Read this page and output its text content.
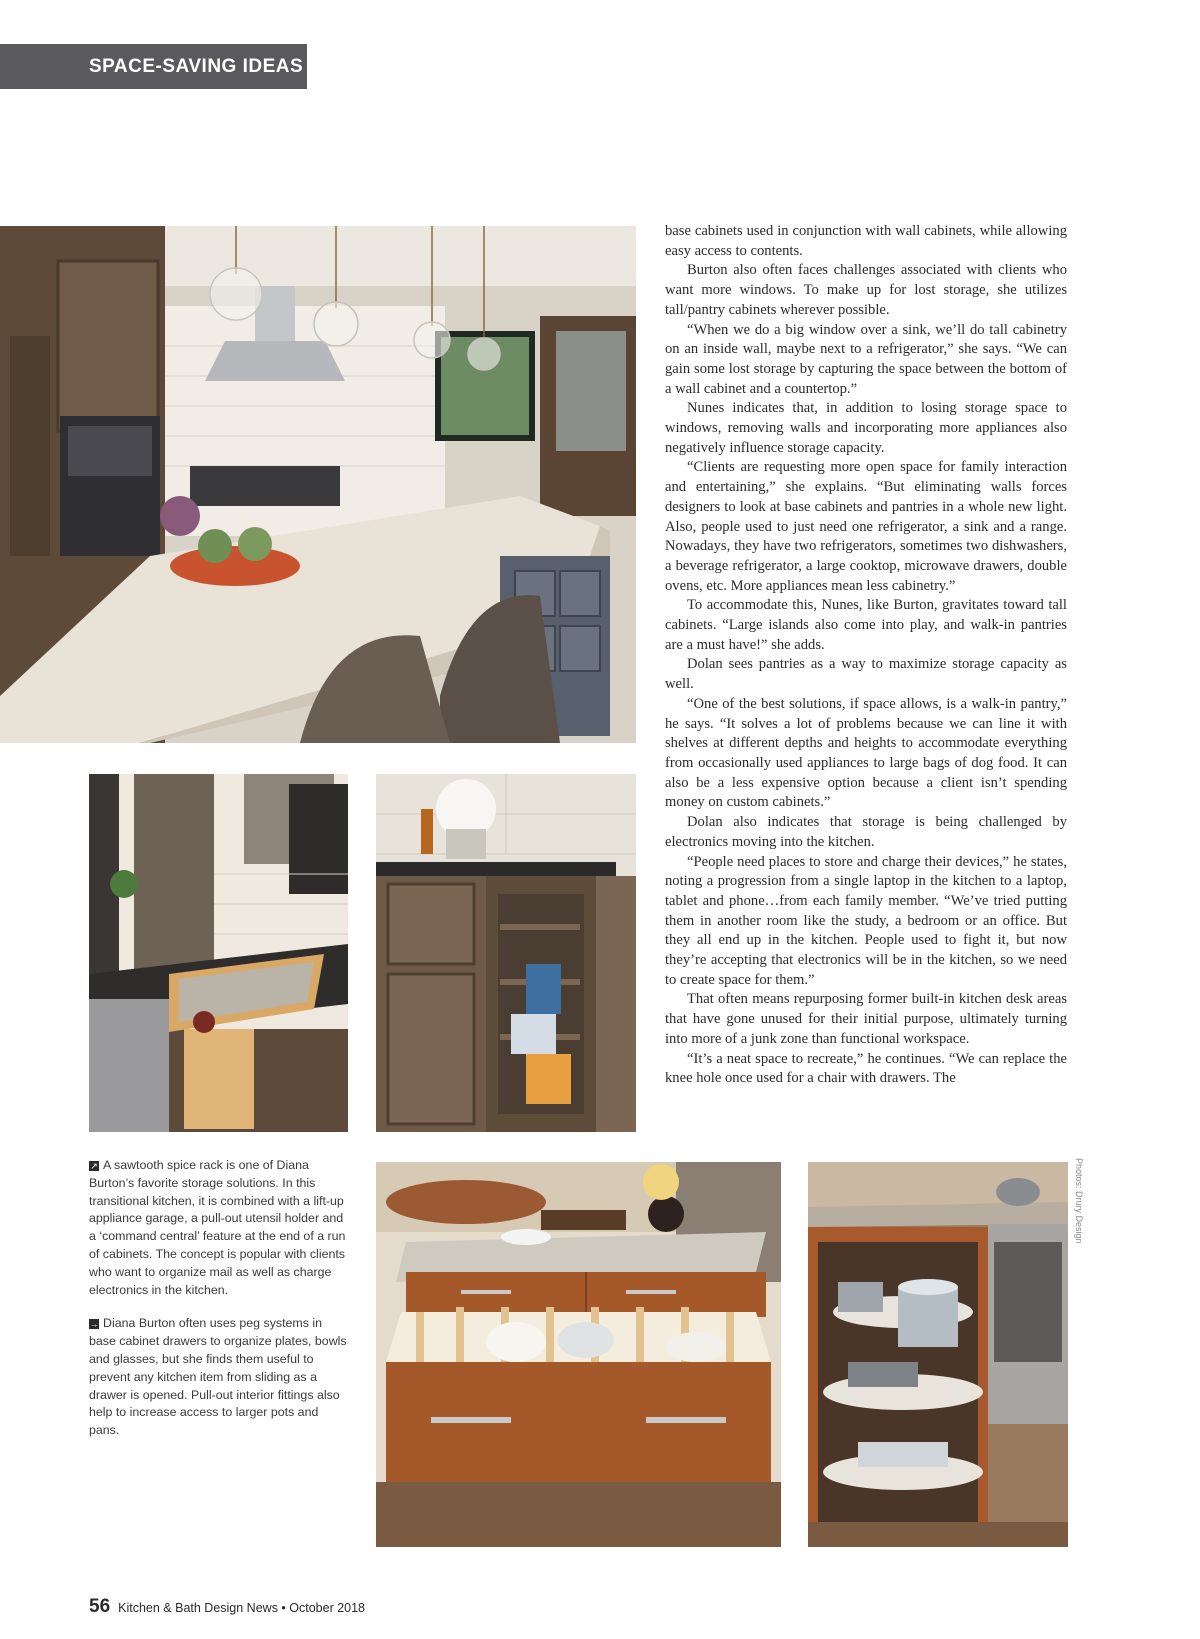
SPACE-SAVING IDEAS

base cabinets used in conjunction with wall cabinets, while allowing easy access to contents.

Burton also often faces challenges associated with clients who want more windows. To make up for lost storage, she utilizes tall/pantry cabinets wherever possible.

“When we do a big window over a sink, we’ll do tall cabinetry on an inside wall, maybe next to a refrigerator,” she says. “We can gain some lost storage by capturing the space between the bottom of a wall cabinet and a countertop.”

Nunes indicates that, in addition to losing storage space to windows, removing walls and incorporating more appliances also negatively influence storage capacity.

“Clients are requesting more open space for family interaction and entertaining,” she explains. “But eliminating walls forces designers to look at base cabinets and pantries in a whole new light. Also, people used to just need one refrigerator, a sink and a range. Nowadays, they have two refrigerators, sometimes two dishwashers, a beverage refrigerator, a large cooktop, microwave drawers, double ovens, etc. More appliances mean less cabinetry.”

To accommodate this, Nunes, like Burton, gravitates toward tall cabinets. “Large islands also come into play, and walk-in pantries are a must have!” she adds.

Dolan sees pantries as a way to maximize storage capacity as well.

“One of the best solutions, if space allows, is a walk-in pantry,” he says. “It solves a lot of problems because we can line it with shelves at different depths and heights to accommodate everything from occasionally used appliances to large bags of dog food. It can also be a less expensive option because a client isn’t spending money on custom cabinets.”

Dolan also indicates that storage is being challenged by electronics moving into the kitchen.

“People need places to store and charge their devices,” he states, noting a progression from a single laptop in the kitchen to a laptop, tablet and phone…from each family member. “We’ve tried putting them in another room like the study, a bedroom or an office. But they all end up in the kitchen. People used to fight it, but now they’re accepting that electronics will be in the kitchen, so we need to create space for them.”

That often means repurposing former built-in kitchen desk areas that have gone unused for their initial purpose, ultimately turning into more of a junk zone than functional workspace.

“It’s a neat space to recreate,” he continues. “We can replace the knee hole once used for a chair with drawers. The

↗ A sawtooth spice rack is one of Diana Burton’s favorite storage solutions. In this transitional kitchen, it is combined with a lift-up appliance garage, a pull-out utensil holder and a ‘command central’ feature at the end of a run of cabinets. The concept is popular with clients who want to organize mail as well as charge electronics in the kitchen.

→ Diana Burton often uses peg systems in base cabinet drawers to organize plates, bowls and glasses, but she finds them useful to prevent any kitchen item from sliding as a drawer is opened. Pull-out interior fittings also help to increase access to larger pots and pans.

Photos: Drury Design
56 Kitchen & Bath Design News • October 2018
